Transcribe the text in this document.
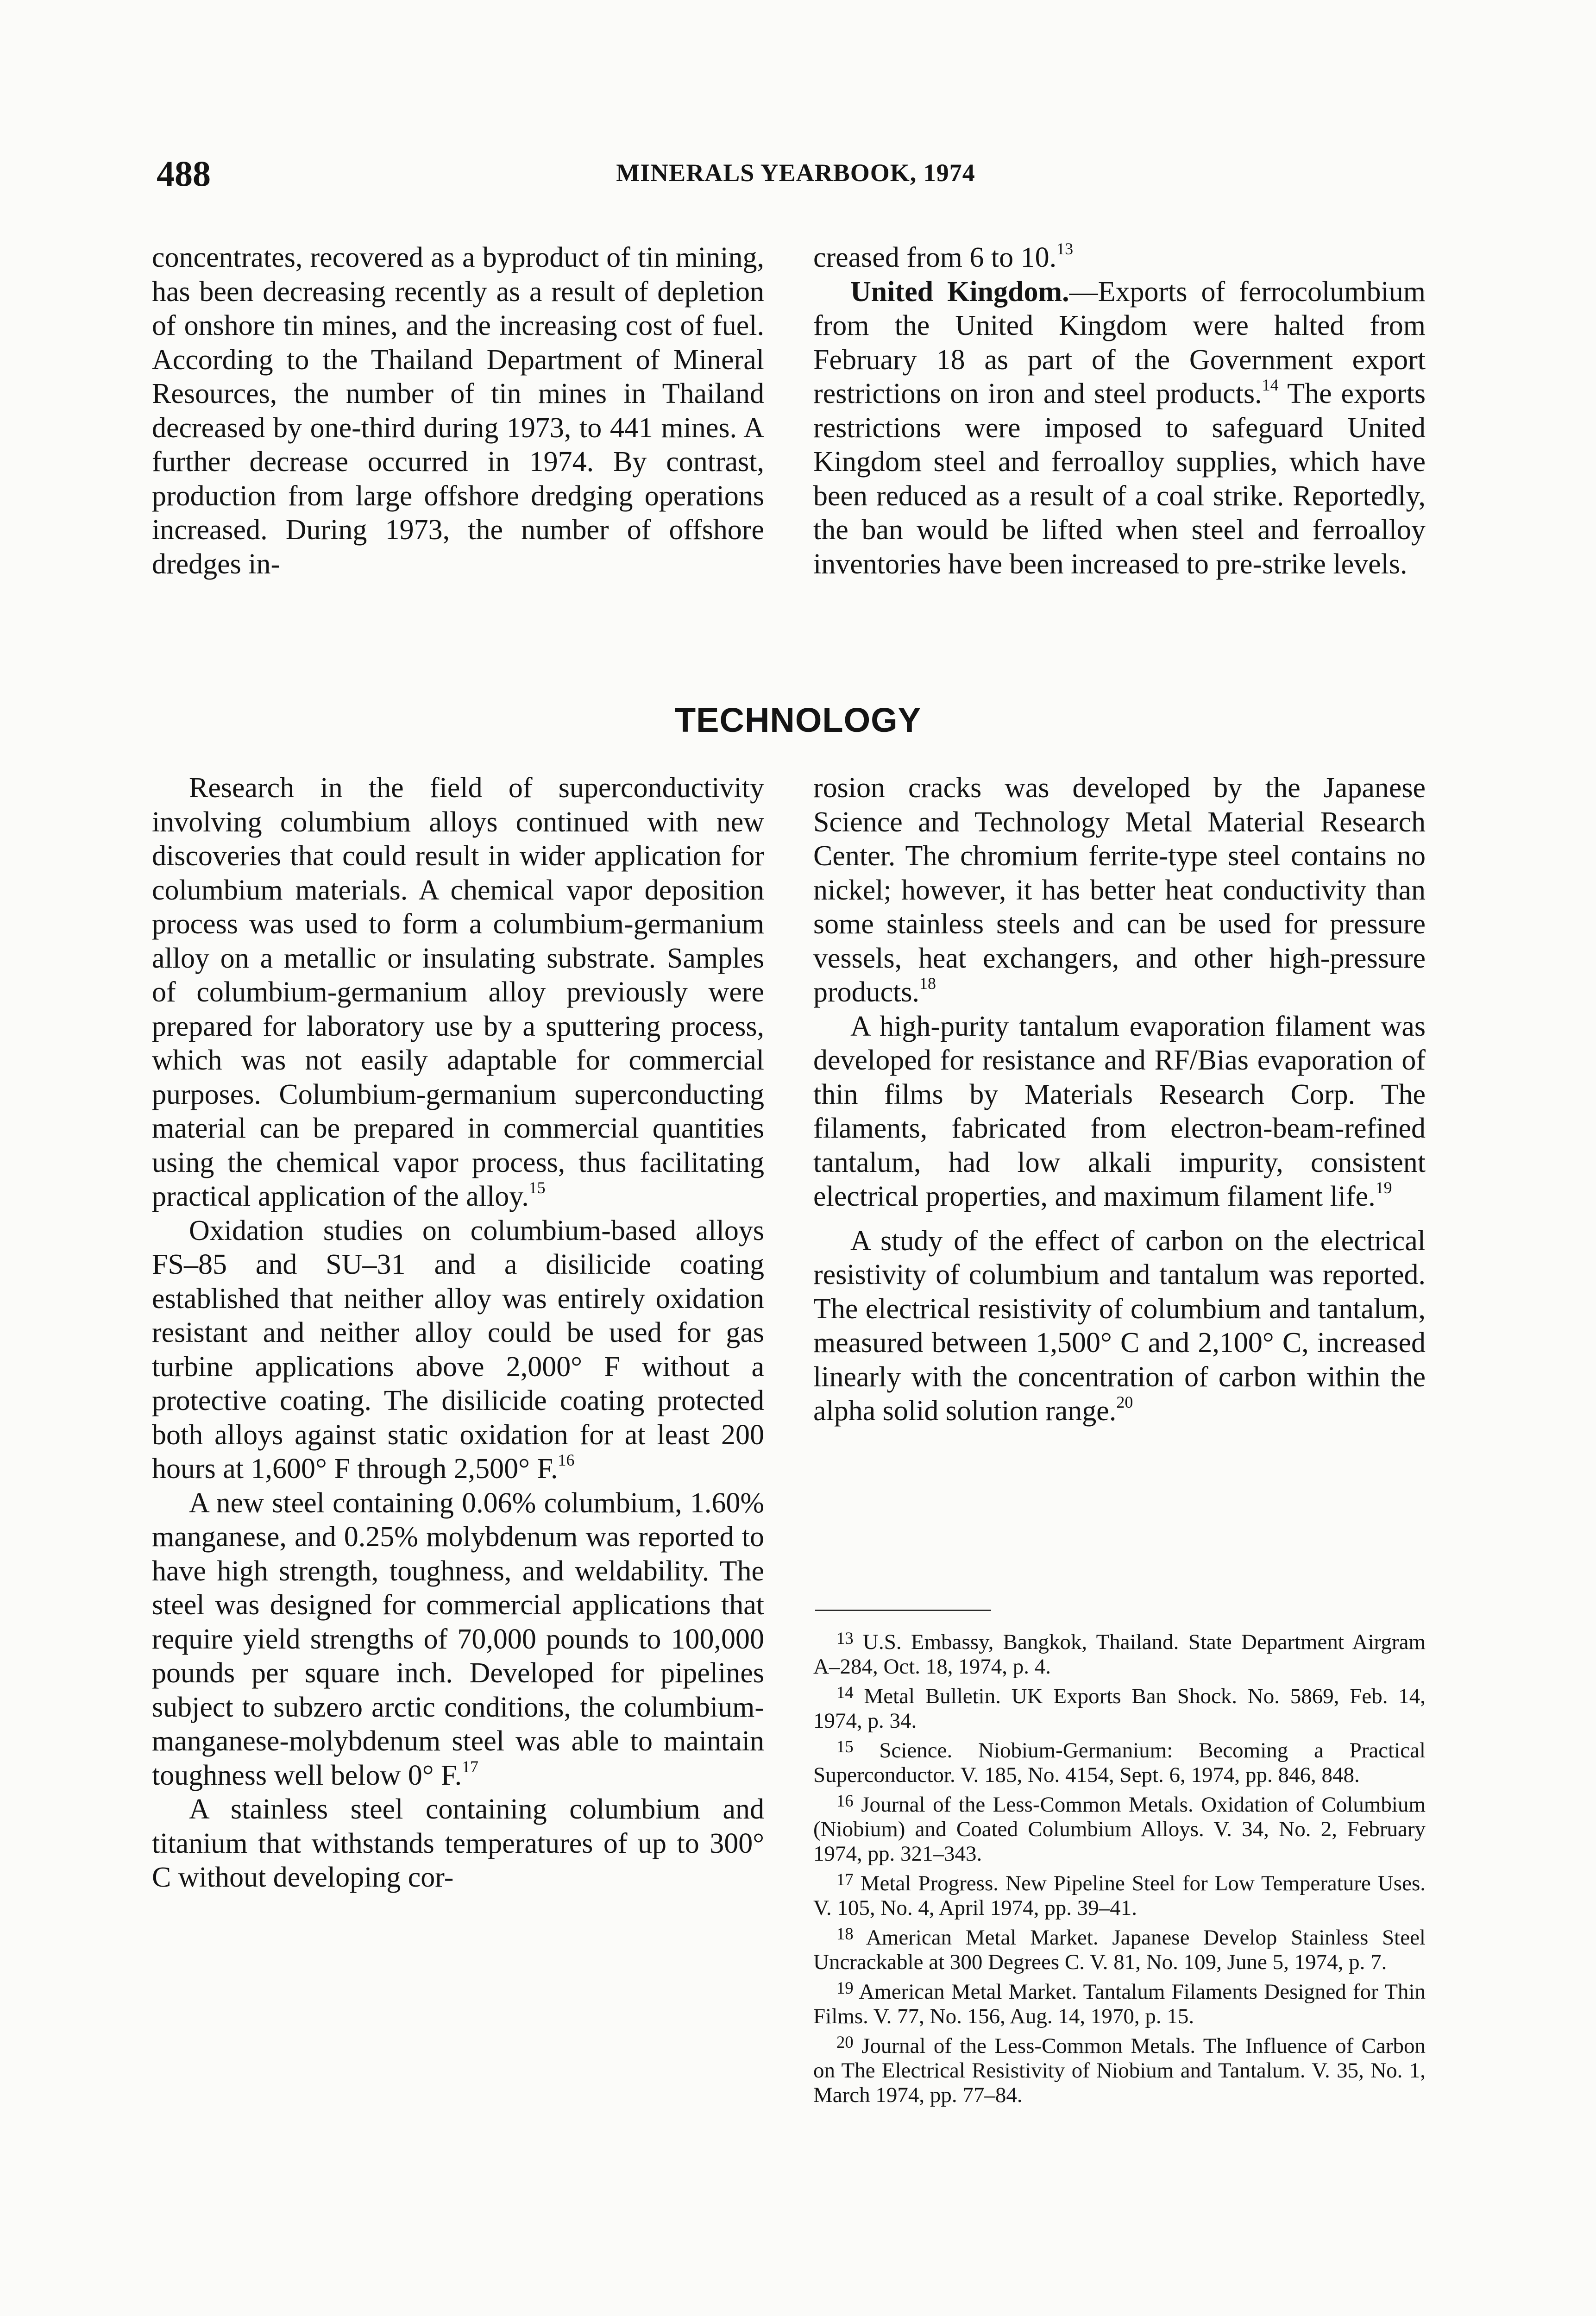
488	MINERALS YEARBOOK, 1974

concentrates, recovered as a byproduct of tin mining, has been decreasing recently as a result of depletion of onshore tin mines, and the increasing cost of fuel. According to the Thailand Department of Mineral Resources, the number of tin mines in Thailand decreased by one-third during 1973, to 441 mines. A further decrease occurred in 1974. By contrast, production from large offshore dredging operations increased. During 1973, the number of offshore dredges in-

creased from 6 to 10.13

United Kingdom.—Exports of ferrocolumbium from the United Kingdom were halted from February 18 as part of the Government export restrictions on iron and steel products.$^{14}$ The exports restrictions were imposed to safeguard United Kingdom steel and ferroalloy supplies, which have been reduced as a result of a coal strike. Reportedly, the ban would be lifted when steel and ferroalloy inventories have been increased to pre-strike levels.

TECHNOLOGY

Research in the field of superconductivity involving columbium alloys continued with new discoveries that could result in wider application for columbium materials. A chemical vapor deposition process was used to form a columbium-germanium alloy on a metallic or insulating substrate. Samples of columbium-germanium alloy previously were prepared for laboratory use by a sputtering process, which was not easily adaptable for commercial purposes. Columbium-germanium superconducting material can be prepared in commercial quantities using the chemical vapor process, thus facilitating practical application of the alloy.$^{15}$

Oxidation studies on columbium-based alloys FS–85 and SU–31 and a disilicide coating established that neither alloy was entirely oxidation resistant and neither alloy could be used for gas turbine applications above 2,000° F without a protective coating. The disilicide coating protected both alloys against static oxidation for at least 200 hours at 1,600° F through 2,500° F.$^{16}$

A new steel containing 0.06% columbium, 1.60% manganese, and 0.25% molybdenum was reported to have high strength, toughness, and weldability. The steel was designed for commercial applications that require yield strengths of 70,000 pounds to 100,000 pounds per square inch. Developed for pipelines subject to subzero arctic conditions, the columbium-manganese-molybdenum steel was able to maintain toughness well below 0° F.$^{17}$

A stainless steel containing columbium and titanium that withstands temperatures of up to 300° C without developing cor-

rosion cracks was developed by the Japanese Science and Technology Metal Material Research Center. The chromium ferrite-type steel contains no nickel; however, it has better heat conductivity than some stainless steels and can be used for pressure vessels, heat exchangers, and other high-pressure products.$^{18}$

A high-purity tantalum evaporation filament was developed for resistance and RF/Bias evaporation of thin films by Materials Research Corp. The filaments, fabricated from electron-beam-refined tantalum, had low alkali impurity, consistent electrical properties, and maximum filament life.$^{19}$

A study of the effect of carbon on the electrical resistivity of columbium and tantalum was reported. The electrical resistivity of columbium and tantalum, measured between 1,500° C and 2,100° C, increased linearly with the concentration of carbon within the alpha solid solution range.$^{20}$

$^{13}$ U.S. Embassy, Bangkok, Thailand. State Department Airgram A–284, Oct. 18, 1974, p. 4.

$^{14}$ Metal Bulletin. UK Exports Ban Shock. No. 5869, Feb. 14, 1974, p. 34.

$^{15}$ Science. Niobium-Germanium: Becoming a Practical Superconductor. V. 185, No. 4154, Sept. 6, 1974, pp. 846, 848.

$^{16}$ Journal of the Less-Common Metals. Oxidation of Columbium (Niobium) and Coated Columbium Alloys. V. 34, No. 2, February 1974, pp. 321–343.

$^{17}$ Metal Progress. New Pipeline Steel for Low Temperature Uses. V. 105, No. 4, April 1974, pp. 39–41.

$^{18}$ American Metal Market. Japanese Develop Stainless Steel Uncrackable at 300 Degrees C. V. 81, No. 109, June 5, 1974, p. 7.

$^{19}$ American Metal Market. Tantalum Filaments Designed for Thin Films. V. 77, No. 156, Aug. 14, 1970, p. 15.

$^{20}$ Journal of the Less-Common Metals. The Influence of Carbon on The Electrical Resistivity of Niobium and Tantalum. V. 35, No. 1, March 1974, pp. 77–84.
